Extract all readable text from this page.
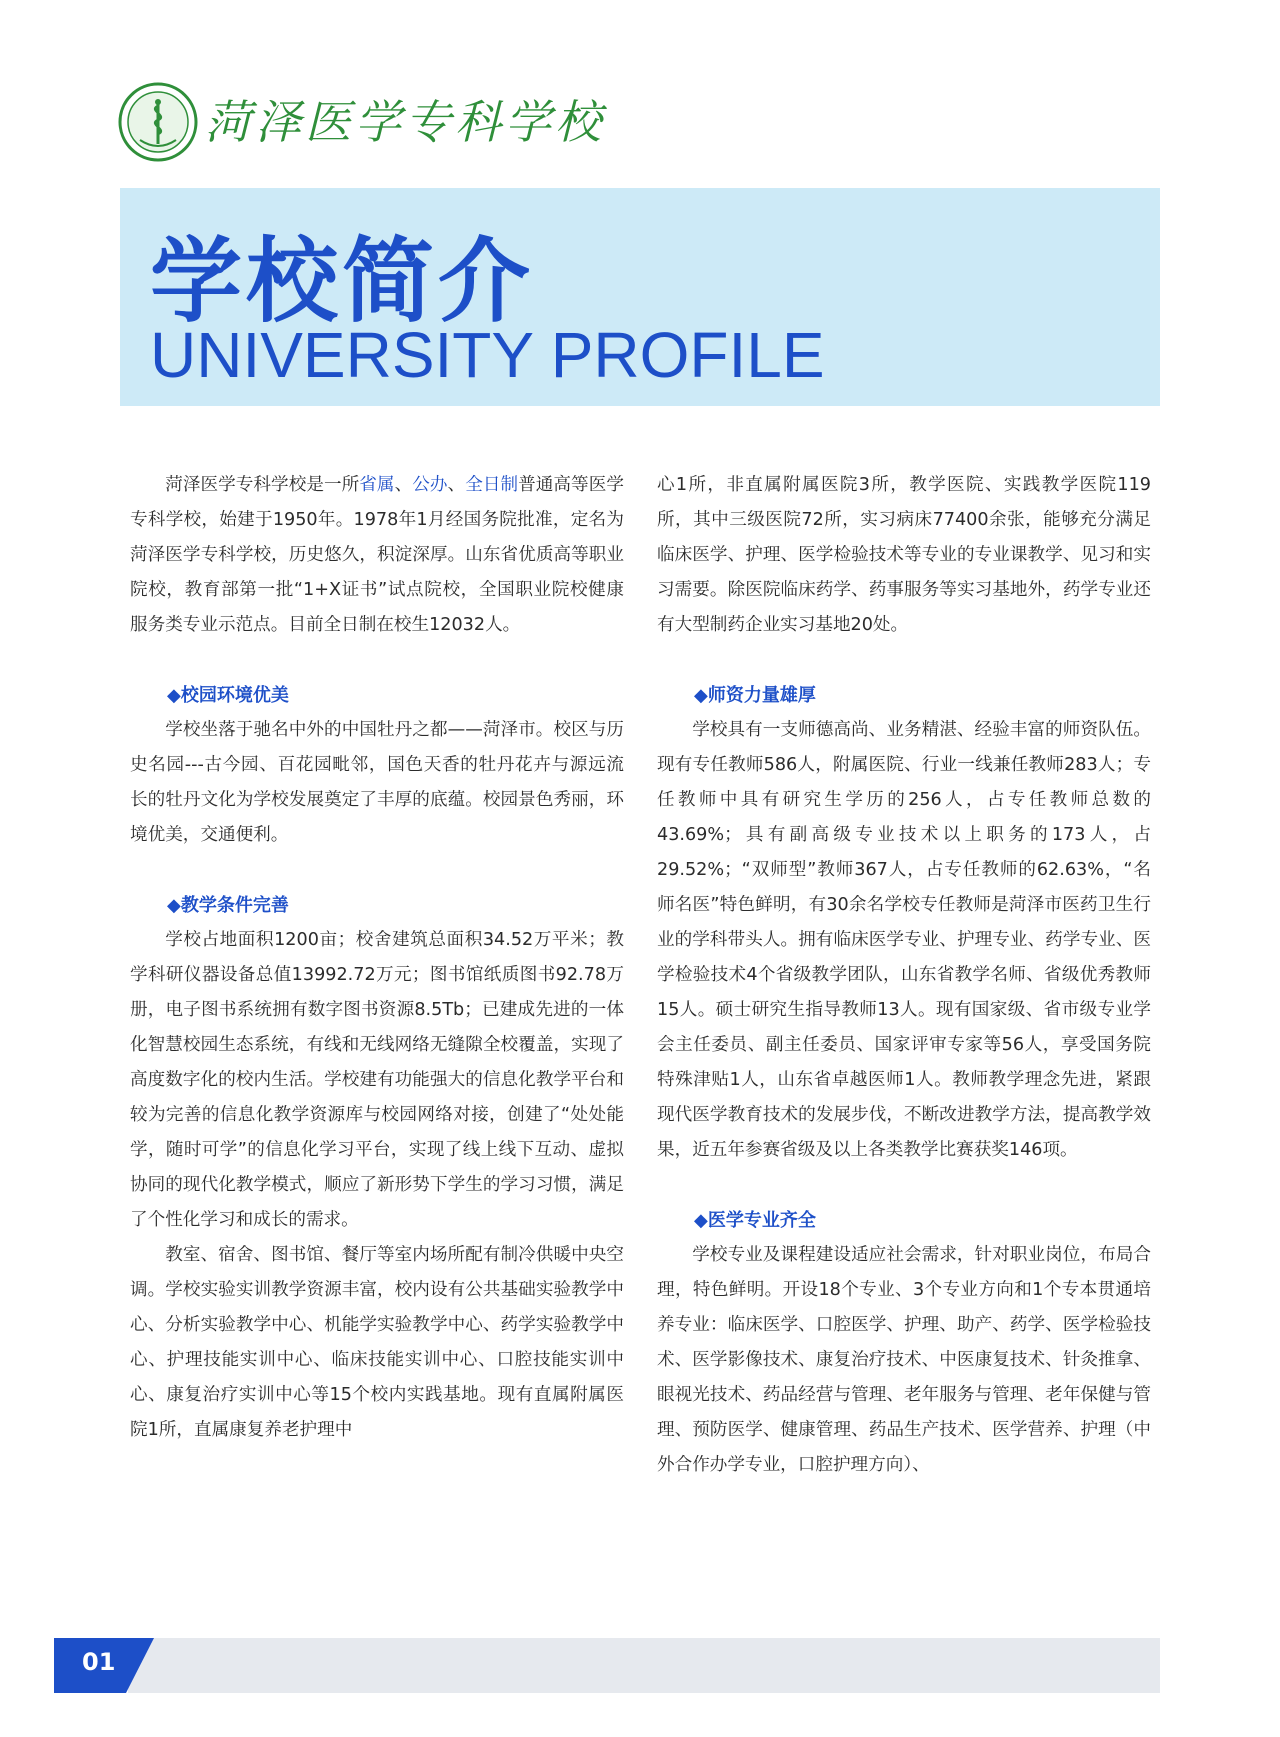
菏泽医学专科学校
学校简介
UNIVERSITY PROFILE

菏泽医学专科学校是一所省属、公办、全日制普通高等医学专科学校，始建于1950年。1978年1月经国务院批准，定名为菏泽医学专科学校，历史悠久，积淀深厚。山东省优质高等职业院校，教育部第一批“1+X证书”试点院校，全国职业院校健康服务类专业示范点。目前全日制在校生12032人。

◆校园环境优美

学校坐落于驰名中外的中国牡丹之都——菏泽市。校区与历史名园---古今园、百花园毗邻，国色天香的牡丹花卉与源远流长的牡丹文化为学校发展奠定了丰厚的底蕴。校园景色秀丽，环境优美，交通便利。

◆教学条件完善

学校占地面积1200亩；校舍建筑总面积34.52万平米；教学科研仪器设备总值13992.72万元；图书馆纸质图书92.78万册，电子图书系统拥有数字图书资源8.5Tb；已建成先进的一体化智慧校园生态系统，有线和无线网络无缝隙全校覆盖，实现了高度数字化的校内生活。学校建有功能强大的信息化教学平台和较为完善的信息化教学资源库与校园网络对接，创建了“处处能学，随时可学”的信息化学习平台，实现了线上线下互动、虚拟协同的现代化教学模式，顺应了新形势下学生的学习习惯，满足了个性化学习和成长的需求。

教室、宿舍、图书馆、餐厅等室内场所配有制冷供暖中央空调。学校实验实训教学资源丰富，校内设有公共基础实验教学中心、分析实验教学中心、机能学实验教学中心、药学实验教学中心、护理技能实训中心、临床技能实训中心、口腔技能实训中心、康复治疗实训中心等15个校内实践基地。现有直属附属医院1所，直属康复养老护理中

心1所，非直属附属医院3所，教学医院、实践教学医院119所，其中三级医院72所，实习病床77400余张，能够充分满足临床医学、护理、医学检验技术等专业的专业课教学、见习和实习需要。除医院临床药学、药事服务等实习基地外，药学专业还有大型制药企业实习基地20处。

◆师资力量雄厚

学校具有一支师德高尚、业务精湛、经验丰富的师资队伍。现有专任教师586人，附属医院、行业一线兼任教师283人；专任教师中具有研究生学历的256人，占专任教师总数的43.69%；具有副高级专业技术以上职务的173人，占29.52%；“双师型”教师367人，占专任教师的62.63%，“名师名医”特色鲜明，有30余名学校专任教师是菏泽市医药卫生行业的学科带头人。拥有临床医学专业、护理专业、药学专业、医学检验技术4个省级教学团队，山东省教学名师、省级优秀教师15人。硕士研究生指导教师13人。现有国家级、省市级专业学会主任委员、副主任委员、国家评审专家等56人，享受国务院特殊津贴1人，山东省卓越医师1人。教师教学理念先进，紧跟现代医学教育技术的发展步伐，不断改进教学方法，提高教学效果，近五年参赛省级及以上各类教学比赛获奖146项。

◆医学专业齐全

学校专业及课程建设适应社会需求，针对职业岗位，布局合理，特色鲜明。开设18个专业、3个专业方向和1个专本贯通培养专业：临床医学、口腔医学、护理、助产、药学、医学检验技术、医学影像技术、康复治疗技术、中医康复技术、针灸推拿、眼视光技术、药品经营与管理、老年服务与管理、老年保健与管理、预防医学、健康管理、药品生产技术、医学营养、护理（中外合作办学专业，口腔护理方向）、

01
